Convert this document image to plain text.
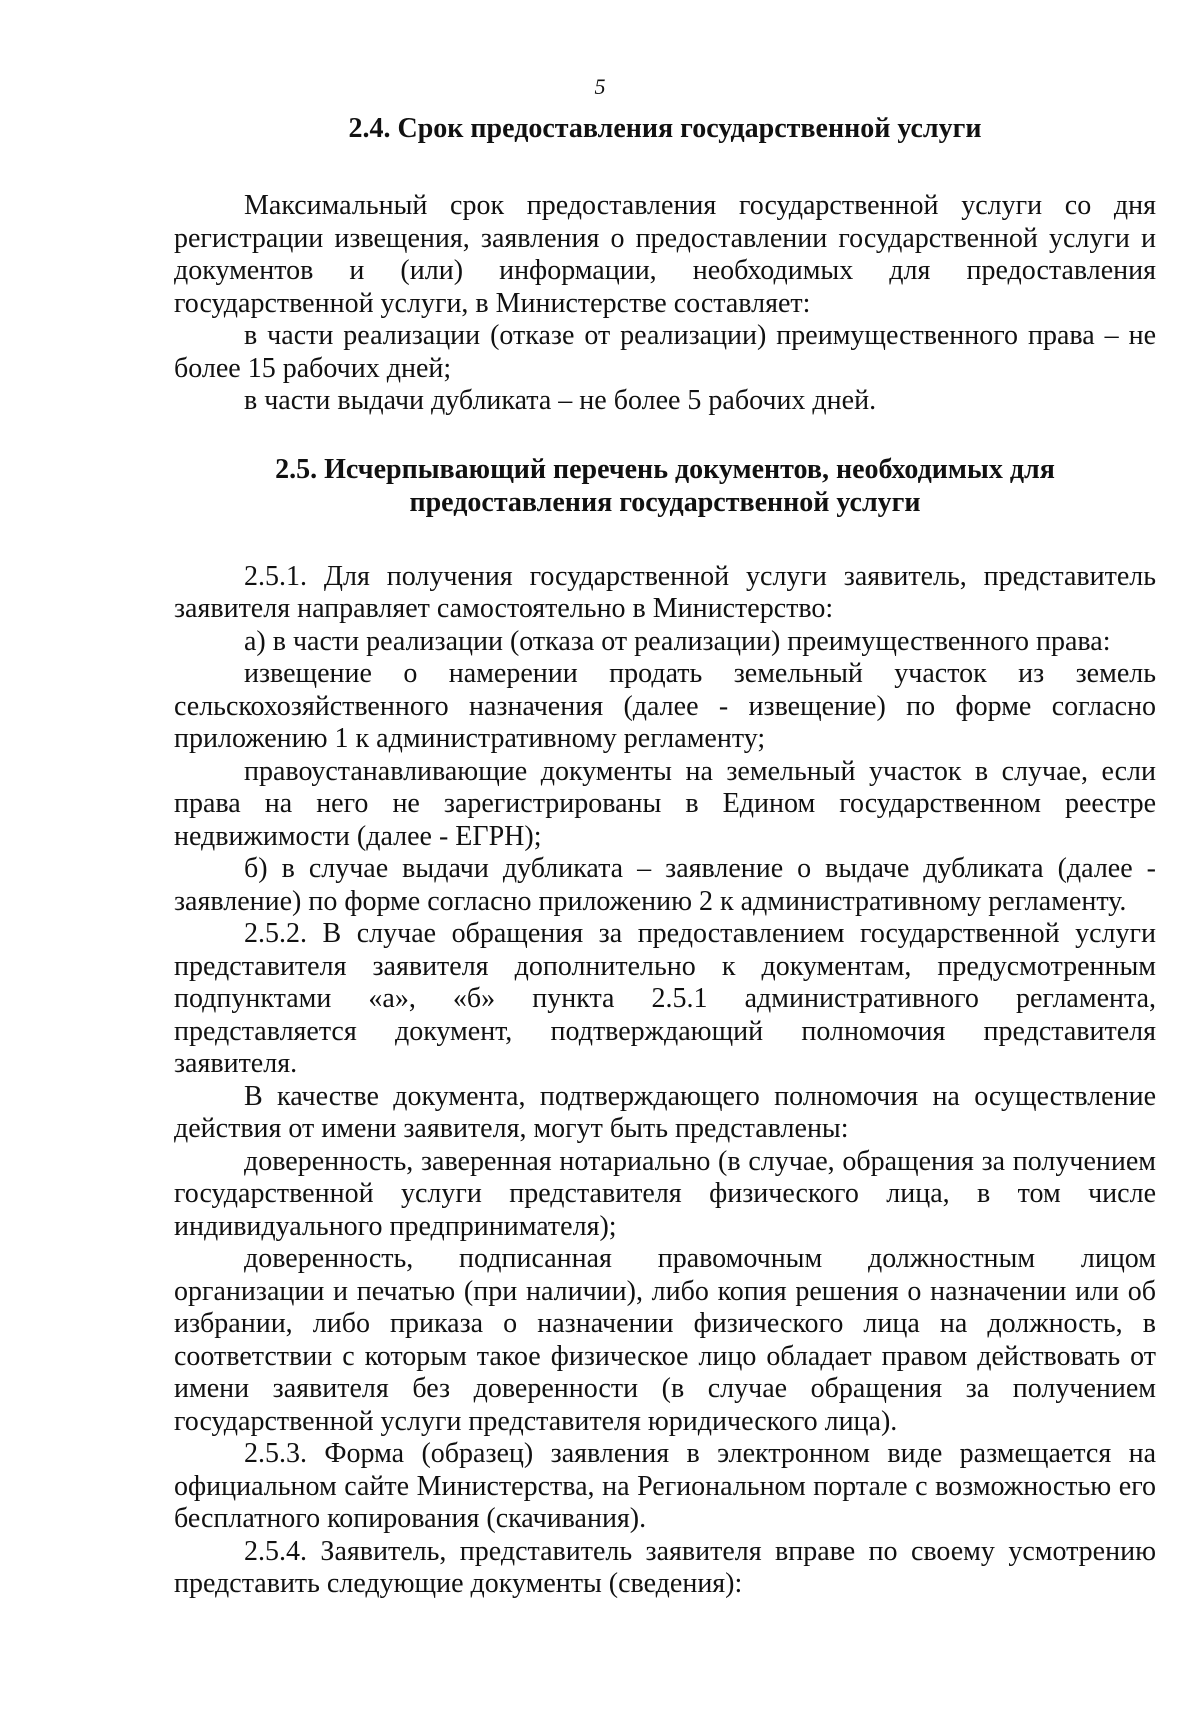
5
2.4. Срок предоставления государственной услуги

Максимальный срок предоставления государственной услуги со дня регистрации извещения, заявления о предоставлении государственной услуги и документов и (или) информации, необходимых для предоставления государственной услуги, в Министерстве составляет:

в части реализации (отказе от реализации) преимущественного права – не более 15 рабочих дней;

в части выдачи дубликата – не более 5 рабочих дней.

2.5. Исчерпывающий перечень документов, необходимых для
предоставления государственной услуги

2.5.1. Для получения государственной услуги заявитель, представитель заявителя направляет самостоятельно в Министерство:

а) в части реализации (отказа от реализации) преимущественного права:

извещение о намерении продать земельный участок из земель сельскохозяйственного назначения (далее - извещение) по форме согласно приложению 1 к административному регламенту;

правоустанавливающие документы на земельный участок в случае, если права на него не зарегистрированы в Едином государственном реестре недвижимости (далее - ЕГРН);

б) в случае выдачи дубликата – заявление о выдаче дубликата (далее - заявление) по форме согласно приложению 2 к административному регламенту.

2.5.2. В случае обращения за предоставлением государственной услуги представителя заявителя дополнительно к документам, предусмотренным подпунктами «а», «б» пункта 2.5.1 административного регламента, представляется документ, подтверждающий полномочия представителя заявителя.

В качестве документа, подтверждающего полномочия на осуществление действия от имени заявителя, могут быть представлены:

доверенность, заверенная нотариально (в случае, обращения за получением государственной услуги представителя физического лица, в том числе индивидуального предпринимателя);

доверенность, подписанная правомочным должностным лицом организации и печатью (при наличии), либо копия решения о назначении или об избрании, либо приказа о назначении физического лица на должность, в соответствии с которым такое физическое лицо обладает правом действовать от имени заявителя без доверенности (в случае обращения за получением государственной услуги представителя юридического лица).

2.5.3. Форма (образец) заявления в электронном виде размещается на официальном сайте Министерства, на Региональном портале с возможностью его бесплатного копирования (скачивания).

2.5.4. Заявитель, представитель заявителя вправе по своему усмотрению представить следующие документы (сведения):
